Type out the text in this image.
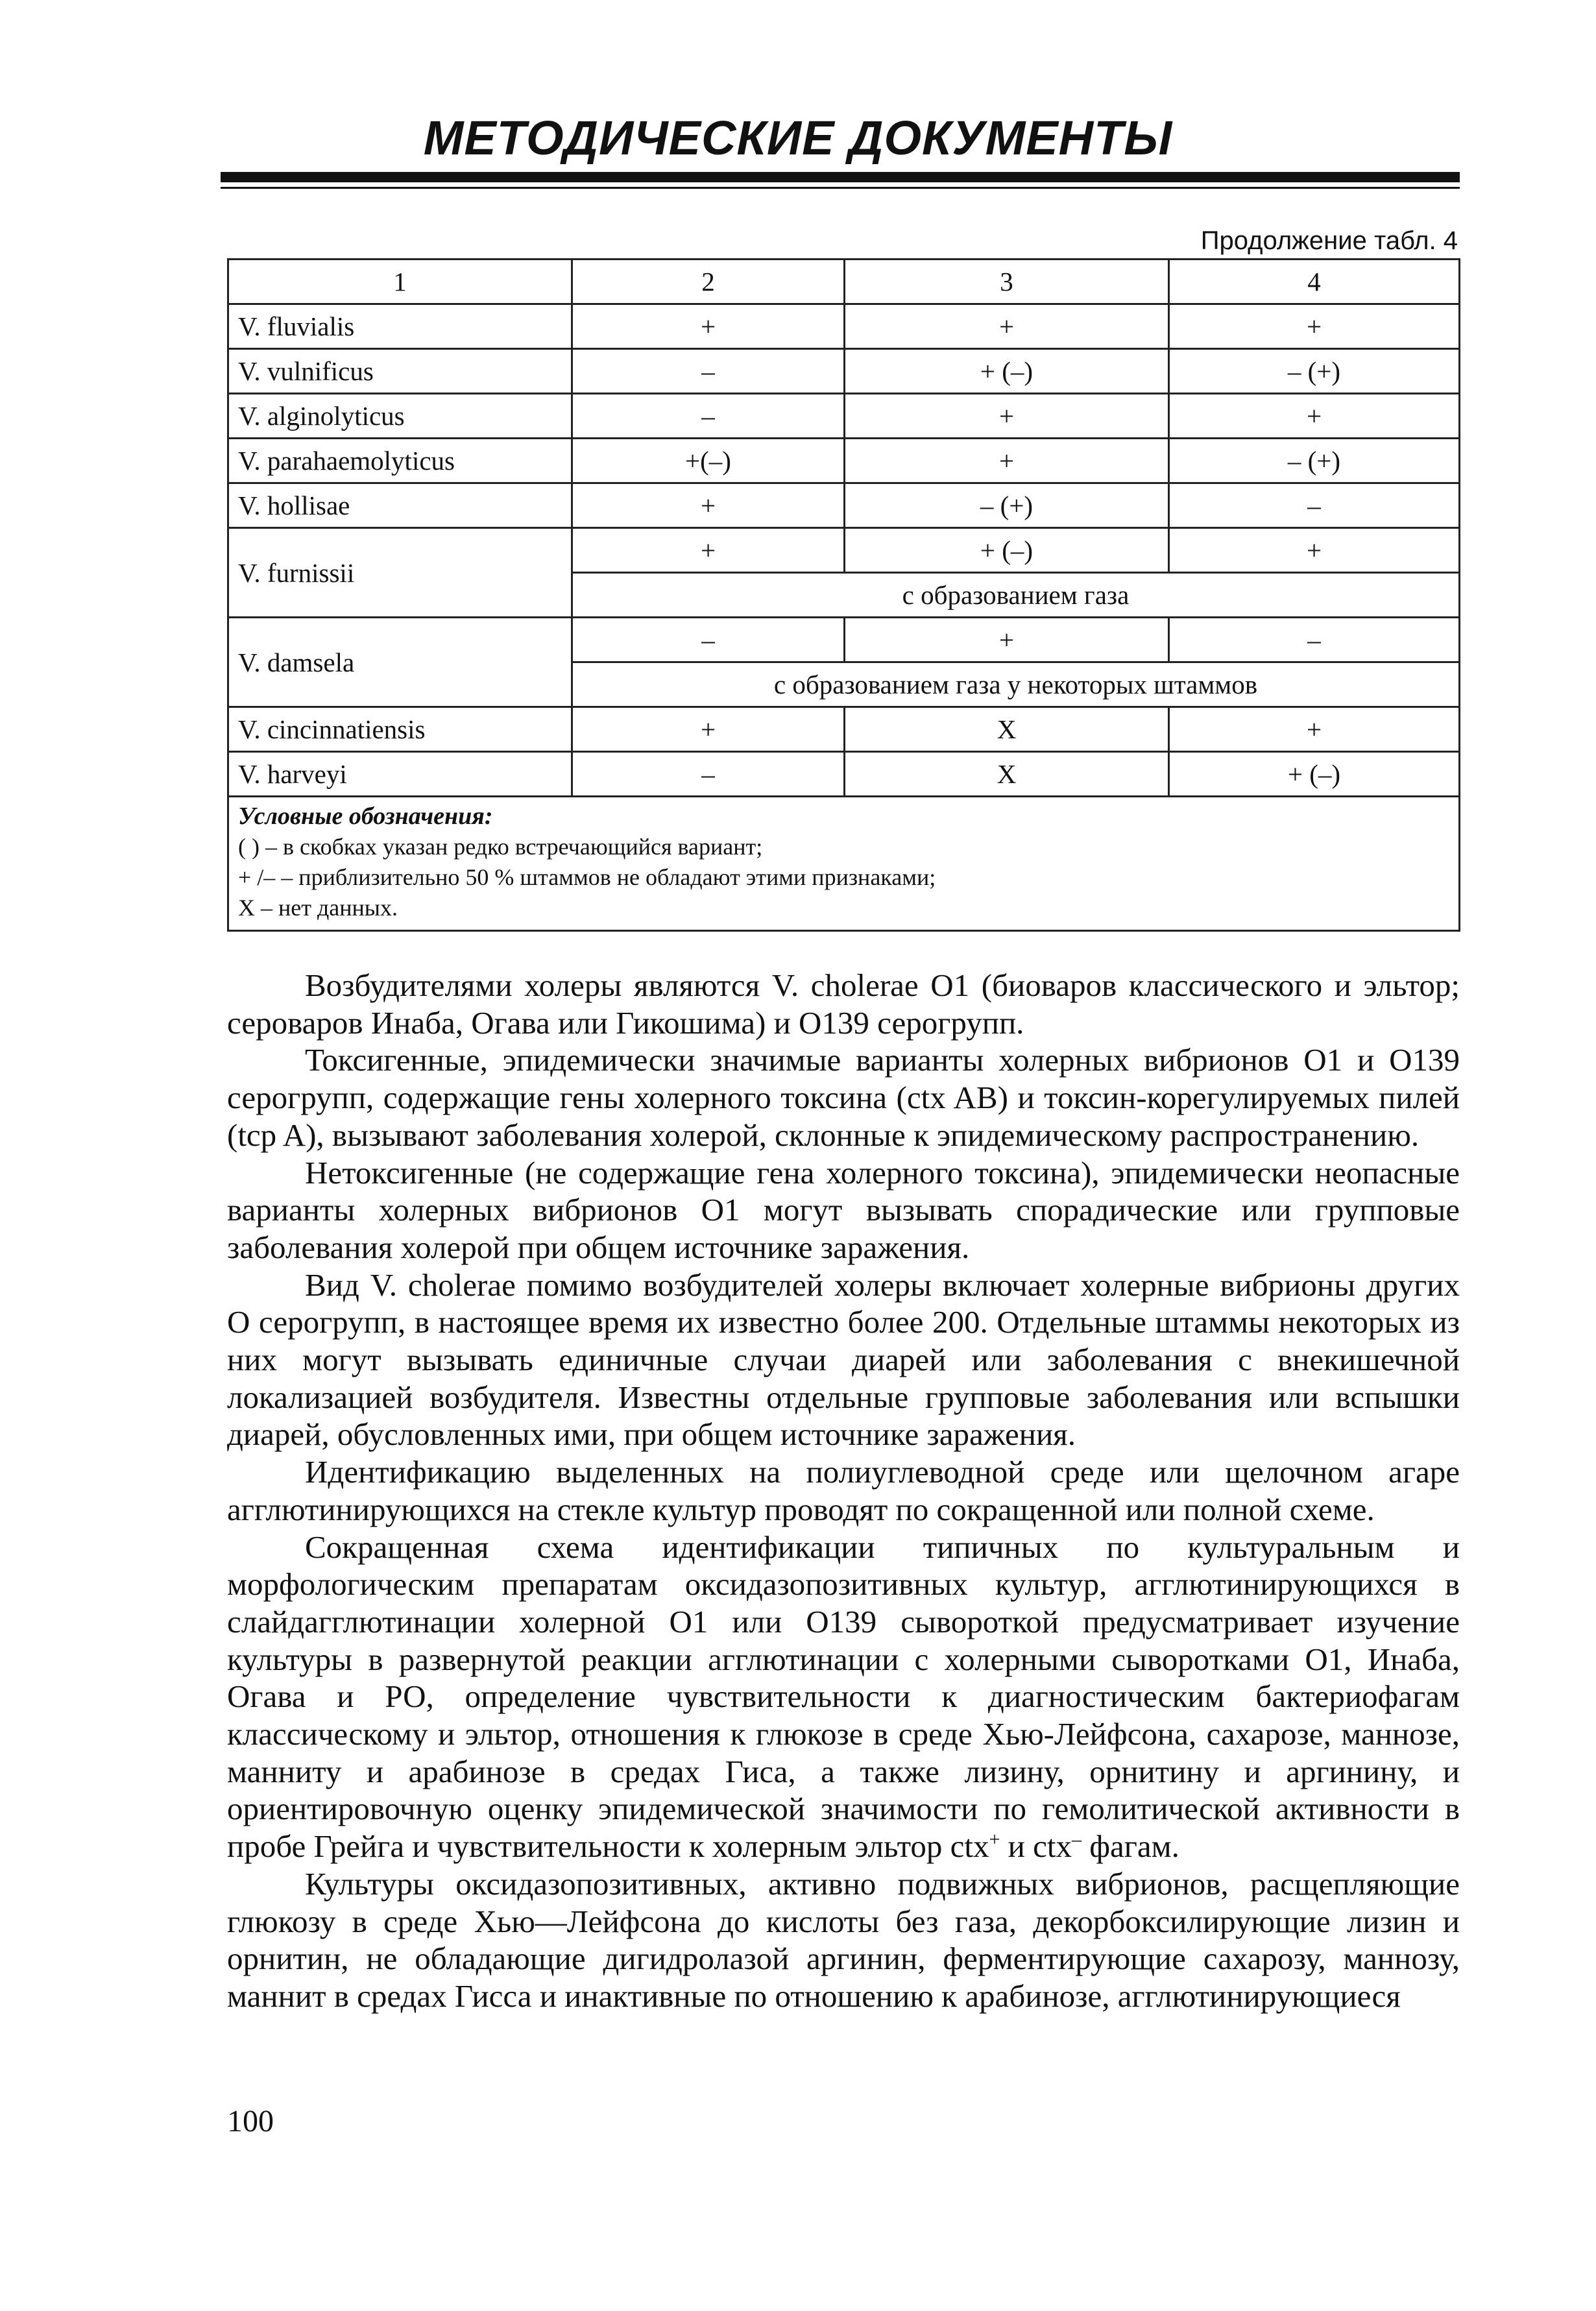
МЕТОДИЧЕСКИЕ ДОКУМЕНТЫ
Продолжение табл. 4
1	2	3	4
V. fluvialis	+	+	+
V. vulnificus	–	+ (–)	– (+)
V. alginolyticus	–	+	+
V. parahaemolyticus	+(–)	+	– (+)
V. hollisae	+	– (+)	–
V. furnissii	+	+ (–)	+
	с образованием газа		
V. damsela	–	+	–
	с образованием газа у некоторых штаммов		
V. cincinnatiensis	+	X	+
V. harveyi	–	X	+ (–)

Условные обозначения:
( ) – в скобках указан редко встречающийся вариант;
+ /– – приблизительно 50 % штаммов не обладают этими признаками;
X – нет данных.			

Возбудителями холеры являются V. cholerae O1 (биоваров классического и эльтор; сероваров Инаба, Огава или Гикошима) и O139 серогрупп.

Токсигенные, эпидемически значимые варианты холерных вибрионов O1 и O139 серогрупп, содержащие гены холерного токсина (ctx AB) и токсин-корегулируемых пилей (tcp A), вызывают заболевания холерой, склонные к эпидемическому распространению.

Нетоксигенные (не содержащие гена холерного токсина), эпидемически неопасные варианты холерных вибрионов O1 могут вызывать спорадические или групповые заболевания холерой при общем источнике заражения.

Вид V. cholerae помимо возбудителей холеры включает холерные вибрионы других O серогрупп, в настоящее время их известно более 200. Отдельные штаммы некоторых из них могут вызывать единичные случаи диарей или заболевания с внекишечной локализацией возбудителя. Известны отдельные групповые заболевания или вспышки диарей, обусловленных ими, при общем источнике заражения.

Идентификацию выделенных на полиуглеводной среде или щелочном агаре агглютинирующихся на стекле культур проводят по сокращенной или полной схеме.

Сокращенная схема идентификации типичных по культуральным и морфологическим препаратам оксидазопозитивных культур, агглютинирующихся в слайдагглютинации холерной O1 или O139 сывороткой предусматривает изучение культуры в развернутой реакции агглютинации с холерными сыворотками O1, Инаба, Огава и РО, определение чувствительности к диагностическим бактериофагам классическому и эльтор, отношения к глюкозе в среде Хью-Лейфсона, сахарозе, маннозе, манниту и арабинозе в средах Гиса, а также лизину, орнитину и аргинину, и ориентировочную оценку эпидемической значимости по гемолитической активности в пробе Грейга и чувствительности к холерным эльтор ctx+ и ctx– фагам.

Культуры оксидазопозитивных, активно подвижных вибрионов, расщепляющие глюкозу в среде Хью—Лейфсона до кислоты без газа, декорбоксилирующие лизин и орнитин, не обладающие дигидролазой аргинин, ферментирующие сахарозу, маннозу, маннит в средах Гисса и инактивные по отношению к арабинозе, агглютинирующиеся

100
